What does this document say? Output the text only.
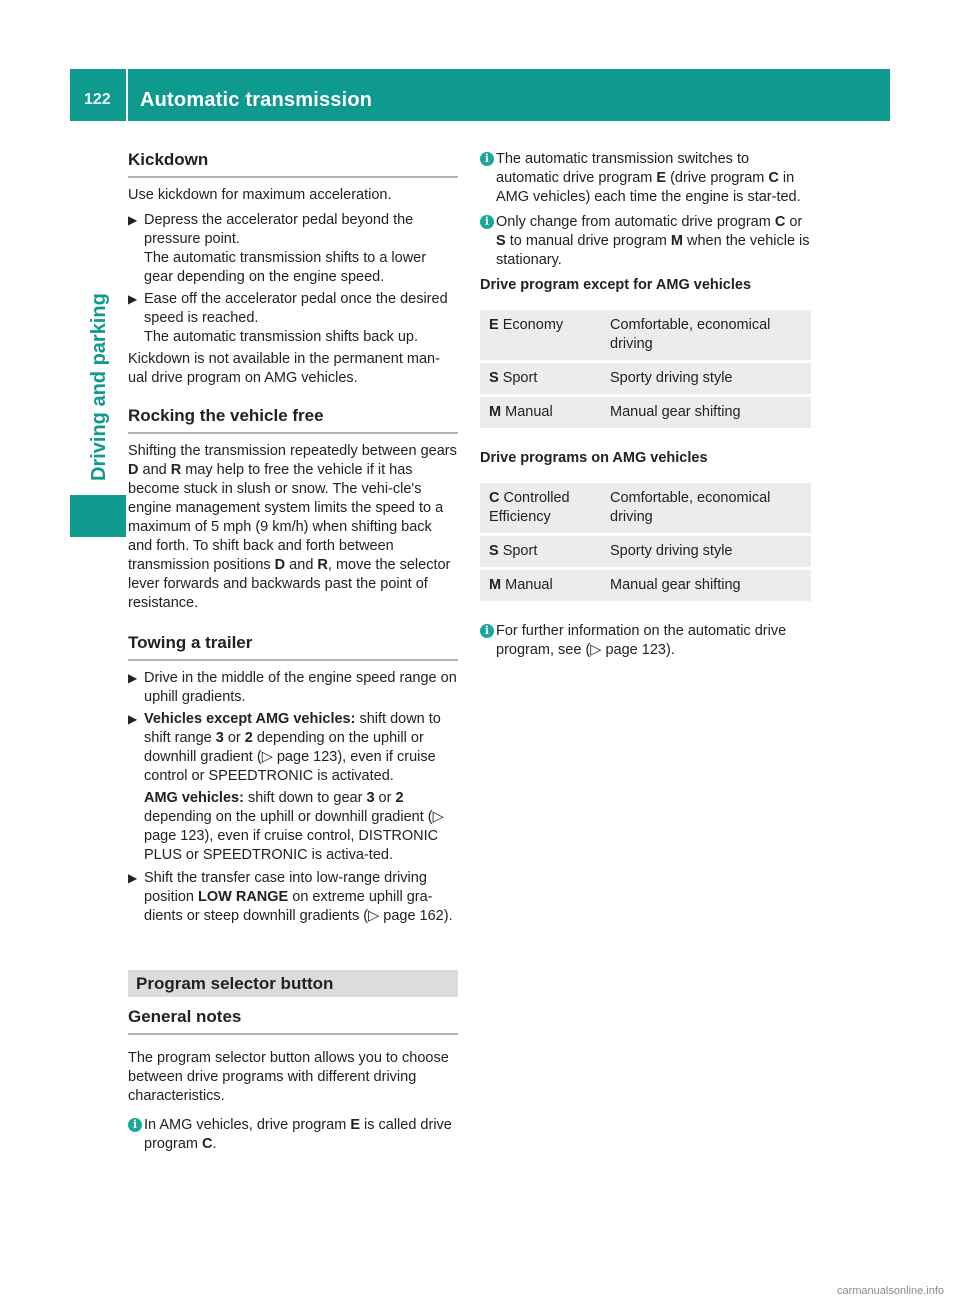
122 Automatic transmission
Driving and parking
Kickdown

Use kickdown for maximum acceleration.

▶ Depress the accelerator pedal beyond the pressure point.
The automatic transmission shifts to a lower gear depending on the engine speed.
▶ Ease off the accelerator pedal once the desired speed is reached.
The automatic transmission shifts back up.

Kickdown is not available in the permanent man-ual drive program on AMG vehicles.

Rocking the vehicle free

Shifting the transmission repeatedly between gears D and R may help to free the vehicle if it has become stuck in slush or snow. The vehi-cle's engine management system limits the speed to a maximum of 5 mph (9 km/h) when shifting back and forth. To shift back and forth between transmission positions D and R, move the selector lever forwards and backwards past the point of resistance.

Towing a trailer
▶ Drive in the middle of the engine speed range on uphill gradients.
▶ Vehicles except AMG vehicles: shift down to shift range 3 or 2 depending on the uphill or downhill gradient (▷ page 123), even if cruise control or SPEEDTRONIC is activated.

AMG vehicles: shift down to gear 3 or 2 depending on the uphill or downhill gradient (▷ page 123), even if cruise control, DISTRONIC PLUS or SPEEDTRONIC is activa-ted.

▶ Shift the transfer case into low-range driving position LOW RANGE on extreme uphill gra-dients or steep downhill gradients (▷ page 162).
Program selector button
General notes

The program selector button allows you to choose between drive programs with different driving characteristics.

i In AMG vehicles, drive program E is called drive program C.
i The automatic transmission switches to automatic drive program E (drive program C in AMG vehicles) each time the engine is star-ted.
i Only change from automatic drive program C or S to manual drive program M when the vehicle is stationary.
Drive program except for AMG vehicles
E Economy	Comfortable, economical driving
S Sport	Sporty driving style
M Manual	Manual gear shifting
Drive programs on AMG vehicles
C Controlled Efficiency	Comfortable, economical driving
S Sport	Sporty driving style
M Manual	Manual gear shifting
i For further information on the automatic drive program, see (▷ page 123).
carmanualsonline.info
